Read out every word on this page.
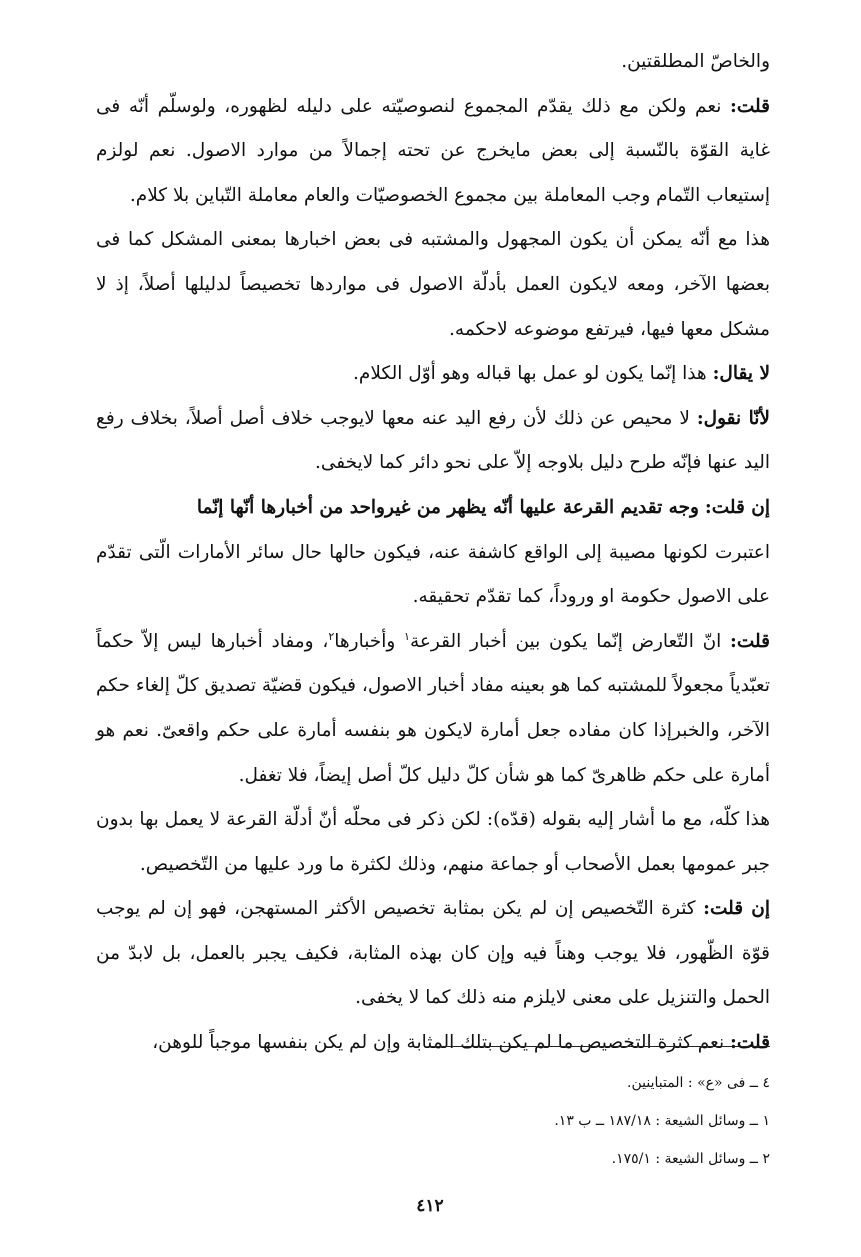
والخاصّ المطلقتين.

قلت: نعم ولكن مع ذلك يقدّم المجموع لنصوصيّته على دليله لظهوره، ولوسلّم أنّه فى غاية القوّة بالنّسبة إلى بعض مايخرج عن تحته إجمالاً من موارد الاصول. نعم لولزم إستيعاب التّمام وجب المعاملة بين مجموع الخصوصيّات والعام معاملة التّباين بلا كلام.

هذا مع أنّه يمكن أن يكون المجهول والمشتبه فى بعض اخبارها بمعنى المشكل كما فى بعضها الآخر، ومعه لايكون العمل بأدلّة الاصول فى مواردها تخصيصاً لدليلها أصلاً، إذ لا مشكل معها فيها، فيرتفع موضوعه لاحكمه.

لا يقال: هذا إنّما يكون لو عمل بها قباله وهو أوّل الكلام.

لأنّا نقول: لا محيص عن ذلك لأن رفع اليد عنه معها لايوجب خلاف أصل أصلاً، بخلاف رفع اليد عنها فإنّه طرح دليل بلاوجه إلاّ على نحو دائر كما لايخفى.

إن قلت: وجه تقديم القرعة عليها أنّه يظهر من غيرواحد من أخبارها أنّها إنّما

اعتبرت لكونها مصيبة إلى الواقع كاشفة عنه، فيكون حالها حال سائر الأمارات الّتى تقدّم على الاصول حكومة او وروداً، كما تقدّم تحقيقه.

قلت: انّ التّعارض إنّما يكون بين أخبار القرعة$^١$ وأخبارها$^٢$، ومفاد أخبارها ليس إلاّ حكماً تعبّدياً مجعولاً للمشتبه كما هو بعينه مفاد أخبار الاصول، فيكون قضيّة تصديق كلّ إلغاء حكم الآخر، والخبرإذا كان مفاده جعل أمارة لايكون هو بنفسه أمارة على حكم واقعىّ. نعم هو أمارة على حكم ظاهرىّ كما هو شأن كلّ دليل كلّ أصل إيضاً، فلا تغفل.

هذا كلّه، مع ما أشار إليه بقوله (قدّه): لكن ذكر فى محلّه أنّ أدلّة القرعة لا يعمل بها بدون جبر عمومها بعمل الأصحاب أو جماعة منهم، وذلك لكثرة ما ورد عليها من التّخصيص.

إن قلت: كثرة التّخصيص إن لم يكن بمثابة تخصيص الأكثر المستهجن، فهو إن لم يوجب قوّة الظّهور، فلا يوجب وهناً فيه وإن كان بهذه المثابة، فكيف يجبر بالعمل، بل لابدّ من الحمل والتنزيل على معنى لايلزم منه ذلك كما لا يخفى.

قلت: نعم كثرة التخصيص ما لم يكن بتلك المثابة وإن لم يكن بنفسها موجباً للوهن،

٤ ــ فى «ع» : المتباينين.

١ ــ وسائل الشيعة : ١٨٧/١٨ ــ ب ١٣.

٢ ــ وسائل الشيعة : ١٧٥/١.

٤١٢
